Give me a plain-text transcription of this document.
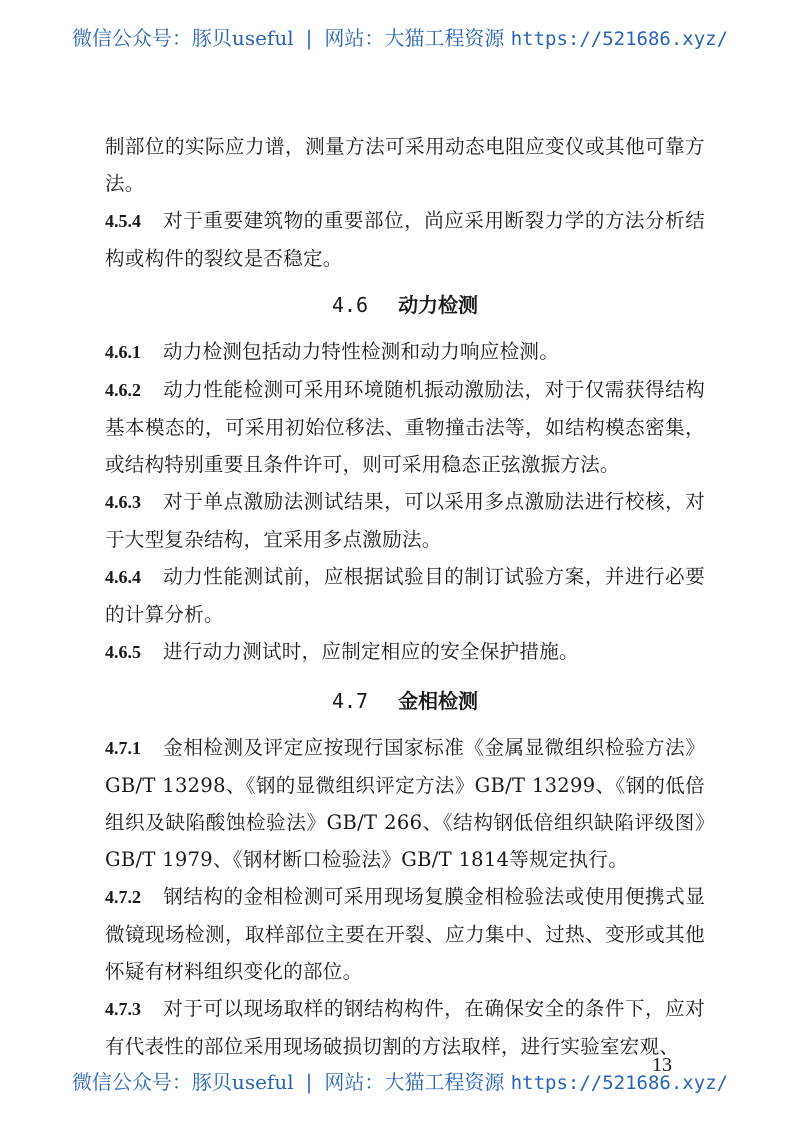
微信公众号：豚贝useful | 网站：大猫工程资源 https://521686.xyz/

制部位的实际应力谱，测量方法可采用动态电阻应变仪或其他可靠方法。

4.5.4 对于重要建筑物的重要部位，尚应采用断裂力学的方法分析结构或构件的裂纹是否稳定。

4.6 动力检测

4.6.1 动力检测包括动力特性检测和动力响应检测。

4.6.2 动力性能检测可采用环境随机振动激励法，对于仅需获得结构基本模态的，可采用初始位移法、重物撞击法等，如结构模态密集，或结构特别重要且条件许可，则可采用稳态正弦激振方法。

4.6.3 对于单点激励法测试结果，可以采用多点激励法进行校核，对于大型复杂结构，宜采用多点激励法。

4.6.4 动力性能测试前，应根据试验目的制订试验方案，并进行必要的计算分析。

4.6.5 进行动力测试时，应制定相应的安全保护措施。

4.7 金相检测

4.7.1 金相检测及评定应按现行国家标准《金属显微组织检验方法》GB/T 13298、《钢的显微组织评定方法》GB/T 13299、《钢的低倍组织及缺陷酸蚀检验法》GB/T 266、《结构钢低倍组织缺陷评级图》GB/T 1979、《钢材断口检验法》GB/T 1814等规定执行。

4.7.2 钢结构的金相检测可采用现场复膜金相检验法或使用便携式显微镜现场检测，取样部位主要在开裂、应力集中、过热、变形或其他怀疑有材料组织变化的部位。

4.7.3 对于可以现场取样的钢结构构件，在确保安全的条件下，应对有代表性的部位采用现场破损切割的方法取样，进行实验室宏观、

13
微信公众号：豚贝useful | 网站：大猫工程资源 https://521686.xyz/
